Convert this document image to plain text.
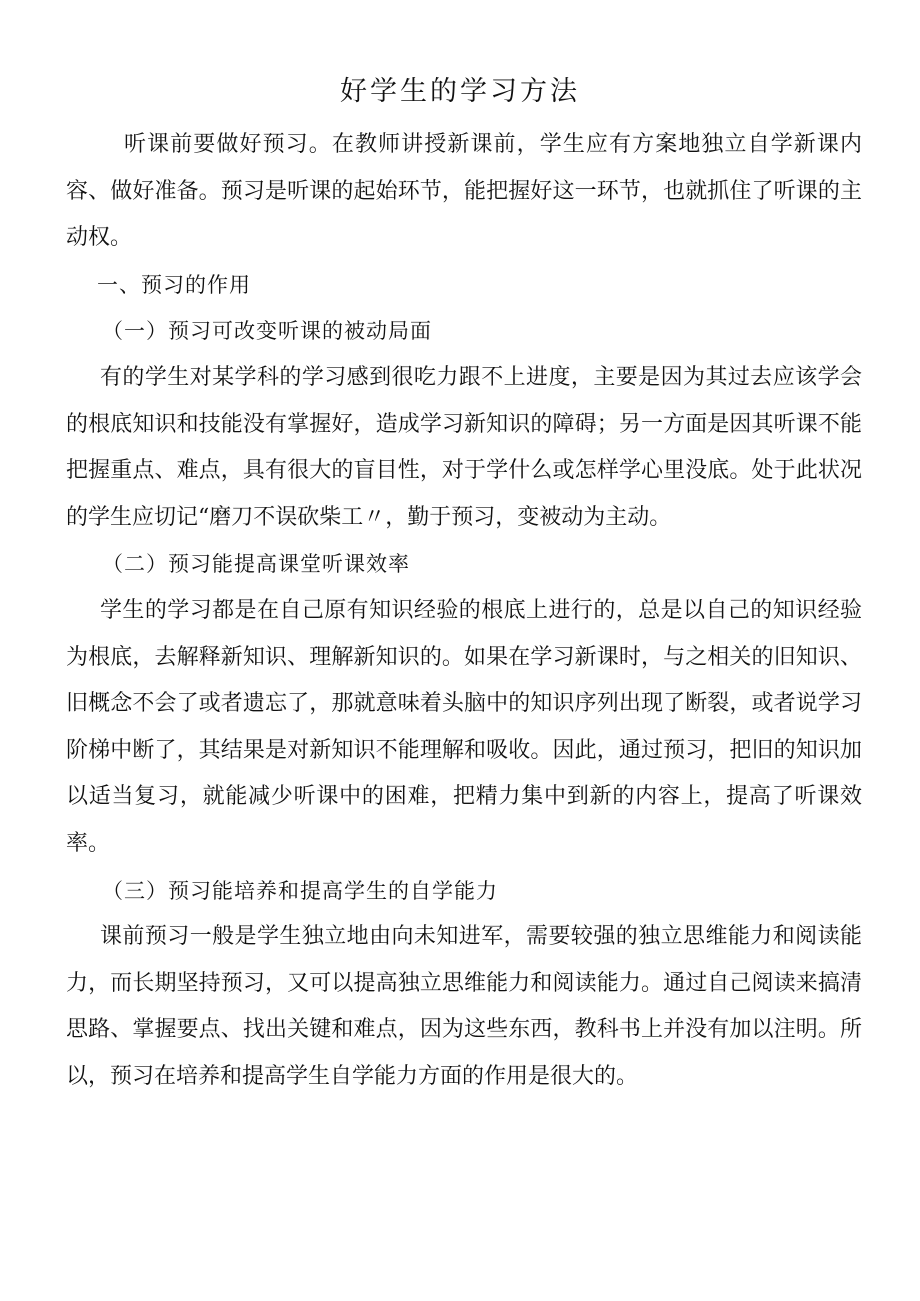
好学生的学习方法

听课前要做好预习。在教师讲授新课前，学生应有方案地独立自学新课内容、做好准备。预习是听课的起始环节，能把握好这一环节，也就抓住了听课的主动权。

一、预习的作用

（一）预习可改变听课的被动局面

有的学生对某学科的学习感到很吃力跟不上进度，主要是因为其过去应该学会的根底知识和技能没有掌握好，造成学习新知识的障碍；另一方面是因其听课不能把握重点、难点，具有很大的盲目性，对于学什么或怎样学心里没底。处于此状况的学生应切记“磨刀不误砍柴工〃，勤于预习，变被动为主动。

（二）预习能提高课堂听课效率

学生的学习都是在自己原有知识经验的根底上进行的，总是以自己的知识经验为根底，去解释新知识、理解新知识的。如果在学习新课时，与之相关的旧知识、旧概念不会了或者遗忘了，那就意味着头脑中的知识序列出现了断裂，或者说学习阶梯中断了，其结果是对新知识不能理解和吸收。因此，通过预习，把旧的知识加以适当复习，就能减少听课中的困难，把精力集中到新的内容上，提高了听课效率。

（三）预习能培养和提高学生的自学能力

课前预习一般是学生独立地由向未知进军，需要较强的独立思维能力和阅读能力，而长期坚持预习，又可以提高独立思维能力和阅读能力。通过自己阅读来搞清思路、掌握要点、找出关键和难点，因为这些东西，教科书上并没有加以注明。所以，预习在培养和提高学生自学能力方面的作用是很大的。
